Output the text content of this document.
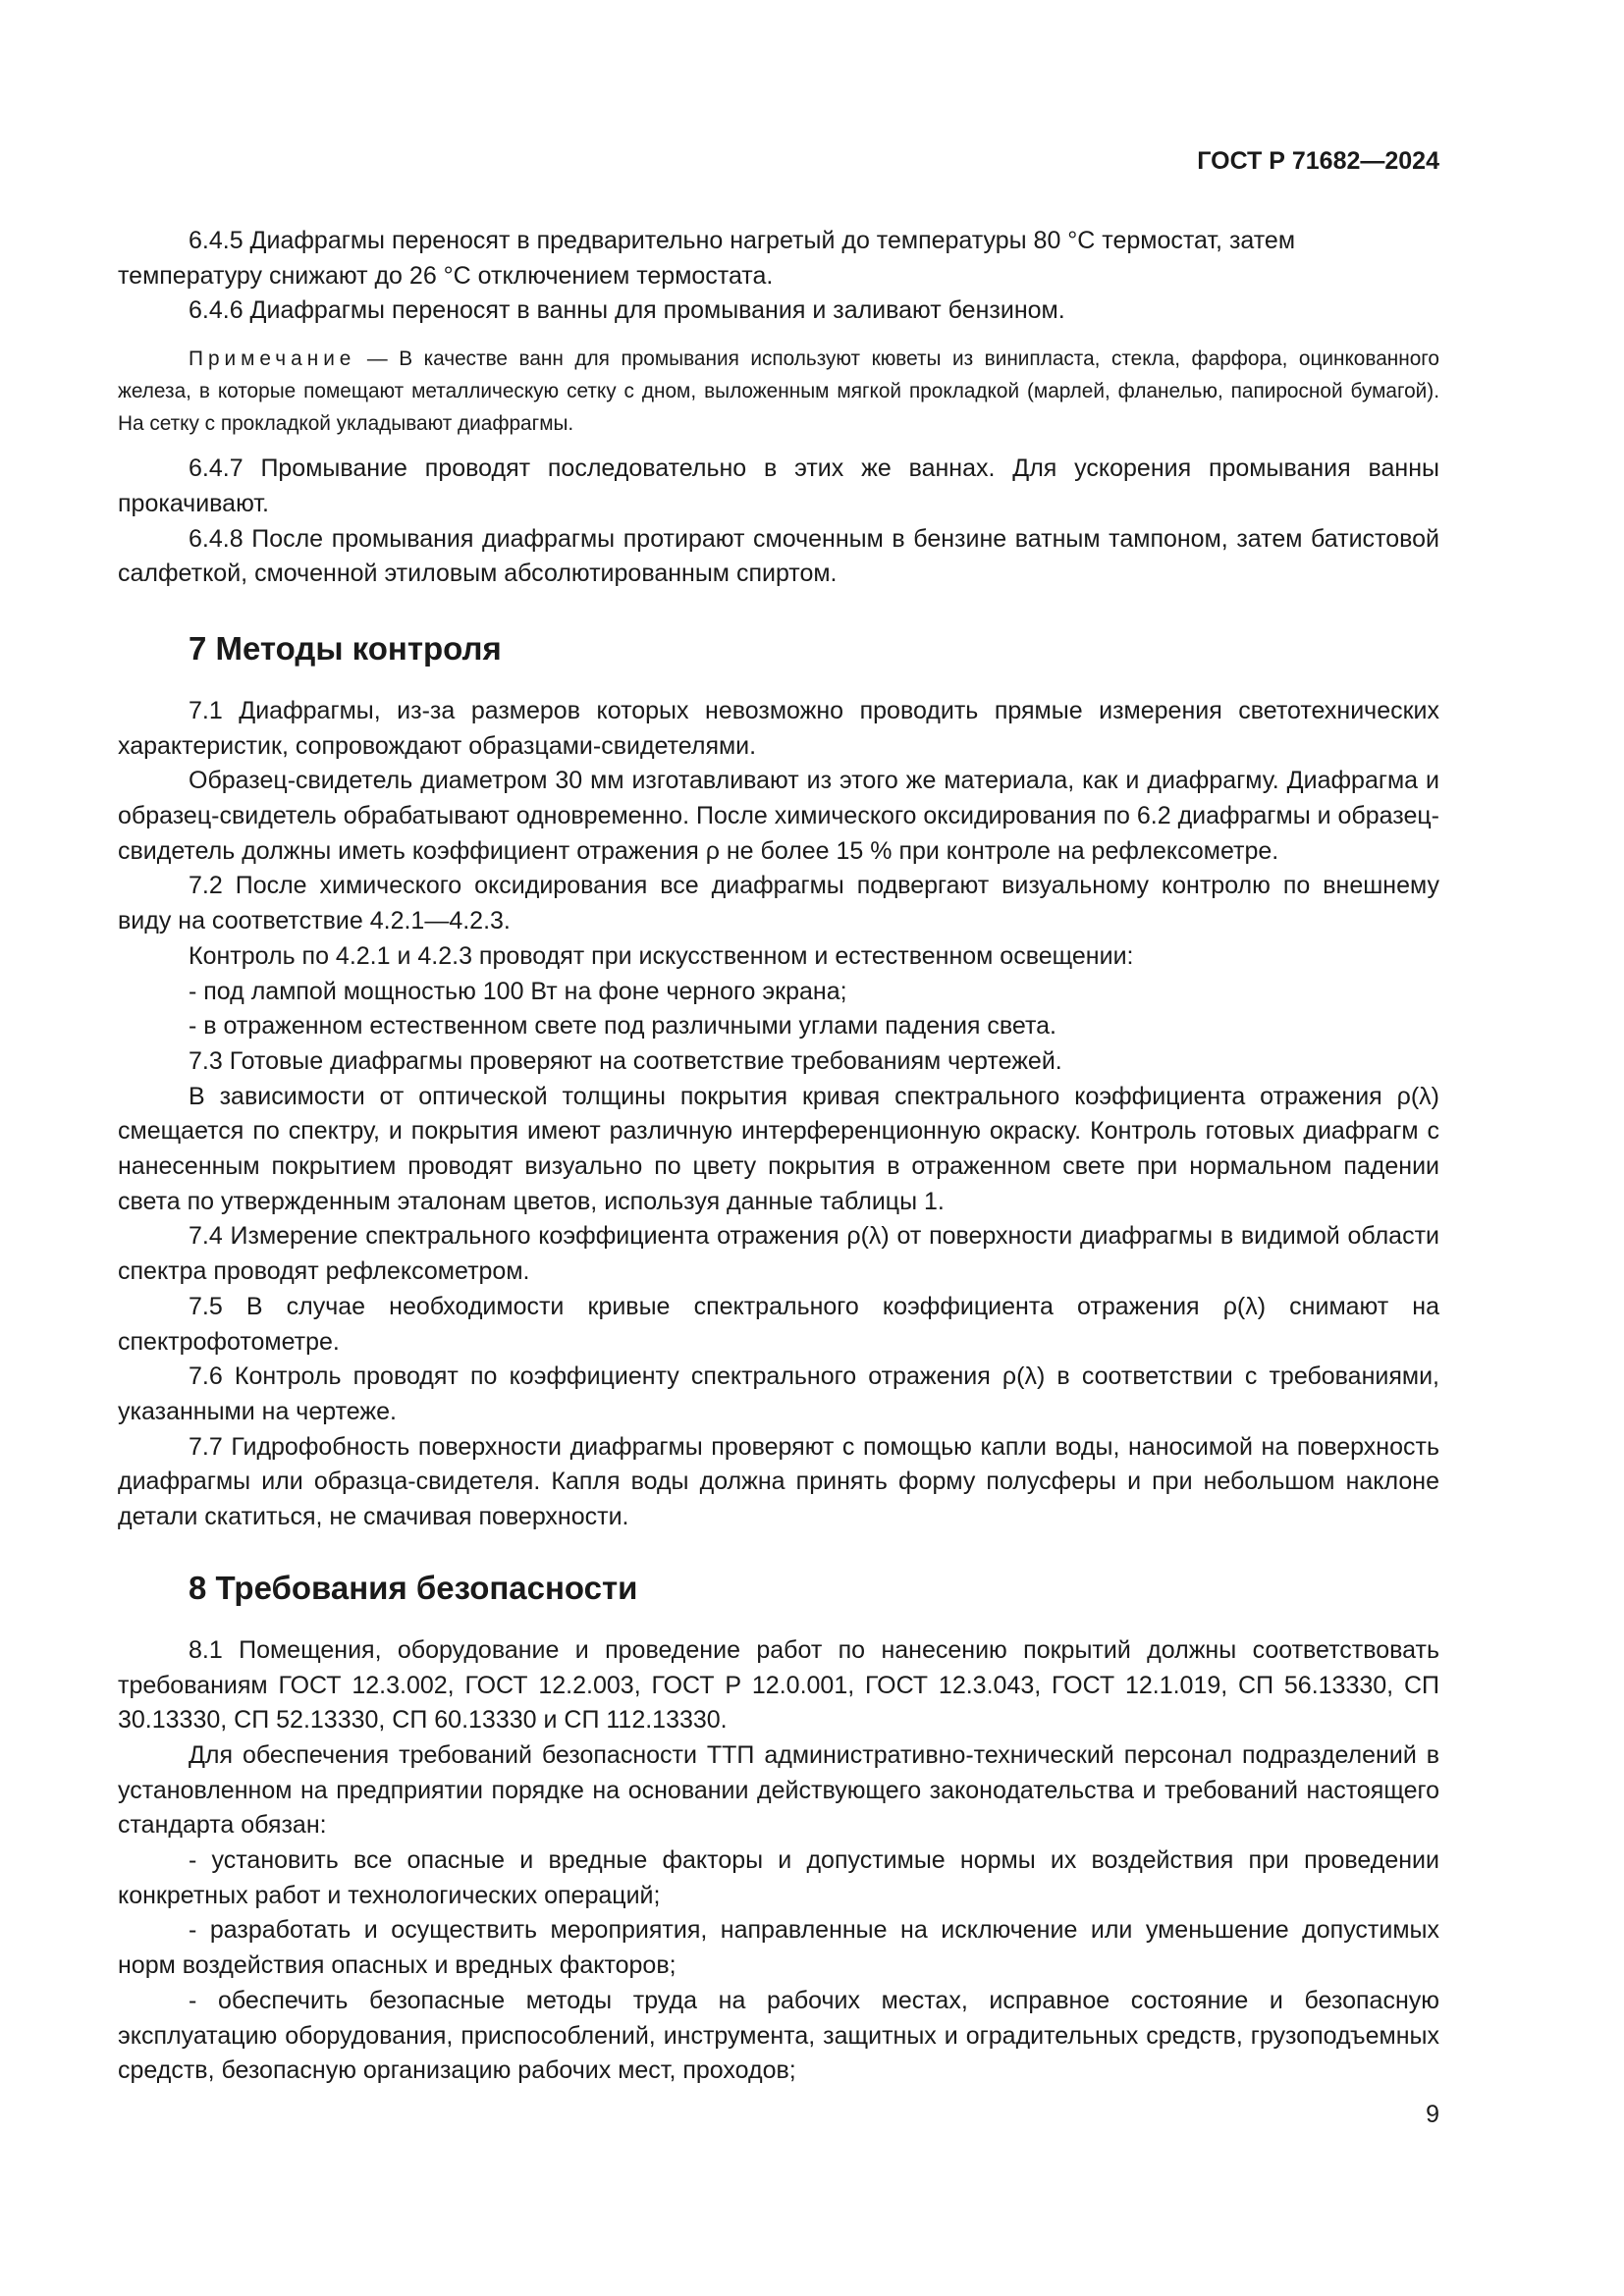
ГОСТ Р 71682—2024

6.4.5 Диафрагмы переносят в предварительно нагретый до температуры 80 °С термостат, затем

температуру снижают до 26 °С отключением термостата.

6.4.6 Диафрагмы переносят в ванны для промывания и заливают бензином.

Примечание — В качестве ванн для промывания используют кюветы из винипласта, стекла, фарфора, оцинкованного железа, в которые помещают металлическую сетку с дном, выложенным мягкой прокладкой (марлей, фланелью, папиросной бумагой). На сетку с прокладкой укладывают диафрагмы.

6.4.7 Промывание проводят последовательно в этих же ваннах. Для ускорения промывания ванны прокачивают.

6.4.8 После промывания диафрагмы протирают смоченным в бензине ватным тампоном, затем батистовой салфеткой, смоченной этиловым абсолютированным спиртом.

7 Методы контроля

7.1 Диафрагмы, из-за размеров которых невозможно проводить прямые измерения светотехнических характеристик, сопровождают образцами-свидетелями.

Образец-свидетель диаметром 30 мм изготавливают из этого же материала, как и диафрагму. Диафрагма и образец-свидетель обрабатывают одновременно. После химического оксидирования по 6.2 диафрагмы и образец-свидетель должны иметь коэффициент отражения ρ не более 15 % при контроле на рефлексометре.

7.2 После химического оксидирования все диафрагмы подвергают визуальному контролю по внешнему виду на соответствие 4.2.1—4.2.3.

Контроль по 4.2.1 и 4.2.3 проводят при искусственном и естественном освещении:

- под лампой мощностью 100 Вт на фоне черного экрана;

- в отраженном естественном свете под различными углами падения света.

7.3 Готовые диафрагмы проверяют на соответствие требованиям чертежей.

В зависимости от оптической толщины покрытия кривая спектрального коэффициента отражения ρ(λ) смещается по спектру, и покрытия имеют различную интерференционную окраску. Контроль готовых диафрагм с нанесенным покрытием проводят визуально по цвету покрытия в отраженном свете при нормальном падении света по утвержденным эталонам цветов, используя данные таблицы 1.

7.4 Измерение спектрального коэффициента отражения ρ(λ) от поверхности диафрагмы в видимой области спектра проводят рефлексометром.

7.5 В случае необходимости кривые спектрального коэффициента отражения ρ(λ) снимают на спектрофотометре.

7.6 Контроль проводят по коэффициенту спектрального отражения ρ(λ) в соответствии с требованиями, указанными на чертеже.

7.7 Гидрофобность поверхности диафрагмы проверяют с помощью капли воды, наносимой на поверхность диафрагмы или образца-свидетеля. Капля воды должна принять форму полусферы и при небольшом наклоне детали скатиться, не смачивая поверхности.

8 Требования безопасности

8.1 Помещения, оборудование и проведение работ по нанесению покрытий должны соответствовать требованиям ГОСТ 12.3.002, ГОСТ 12.2.003, ГОСТ Р 12.0.001, ГОСТ 12.3.043, ГОСТ 12.1.019, СП 56.13330, СП 30.13330, СП 52.13330, СП 60.13330 и СП 112.13330.

Для обеспечения требований безопасности ТТП административно-технический персонал подразделений в установленном на предприятии порядке на основании действующего законодательства и требований настоящего стандарта обязан:

- установить все опасные и вредные факторы и допустимые нормы их воздействия при проведении конкретных работ и технологических операций;

- разработать и осуществить мероприятия, направленные на исключение или уменьшение допустимых норм воздействия опасных и вредных факторов;

- обеспечить безопасные методы труда на рабочих местах, исправное состояние и безопасную эксплуатацию оборудования, приспособлений, инструмента, защитных и оградительных средств, грузоподъемных средств, безопасную организацию рабочих мест, проходов;

9
